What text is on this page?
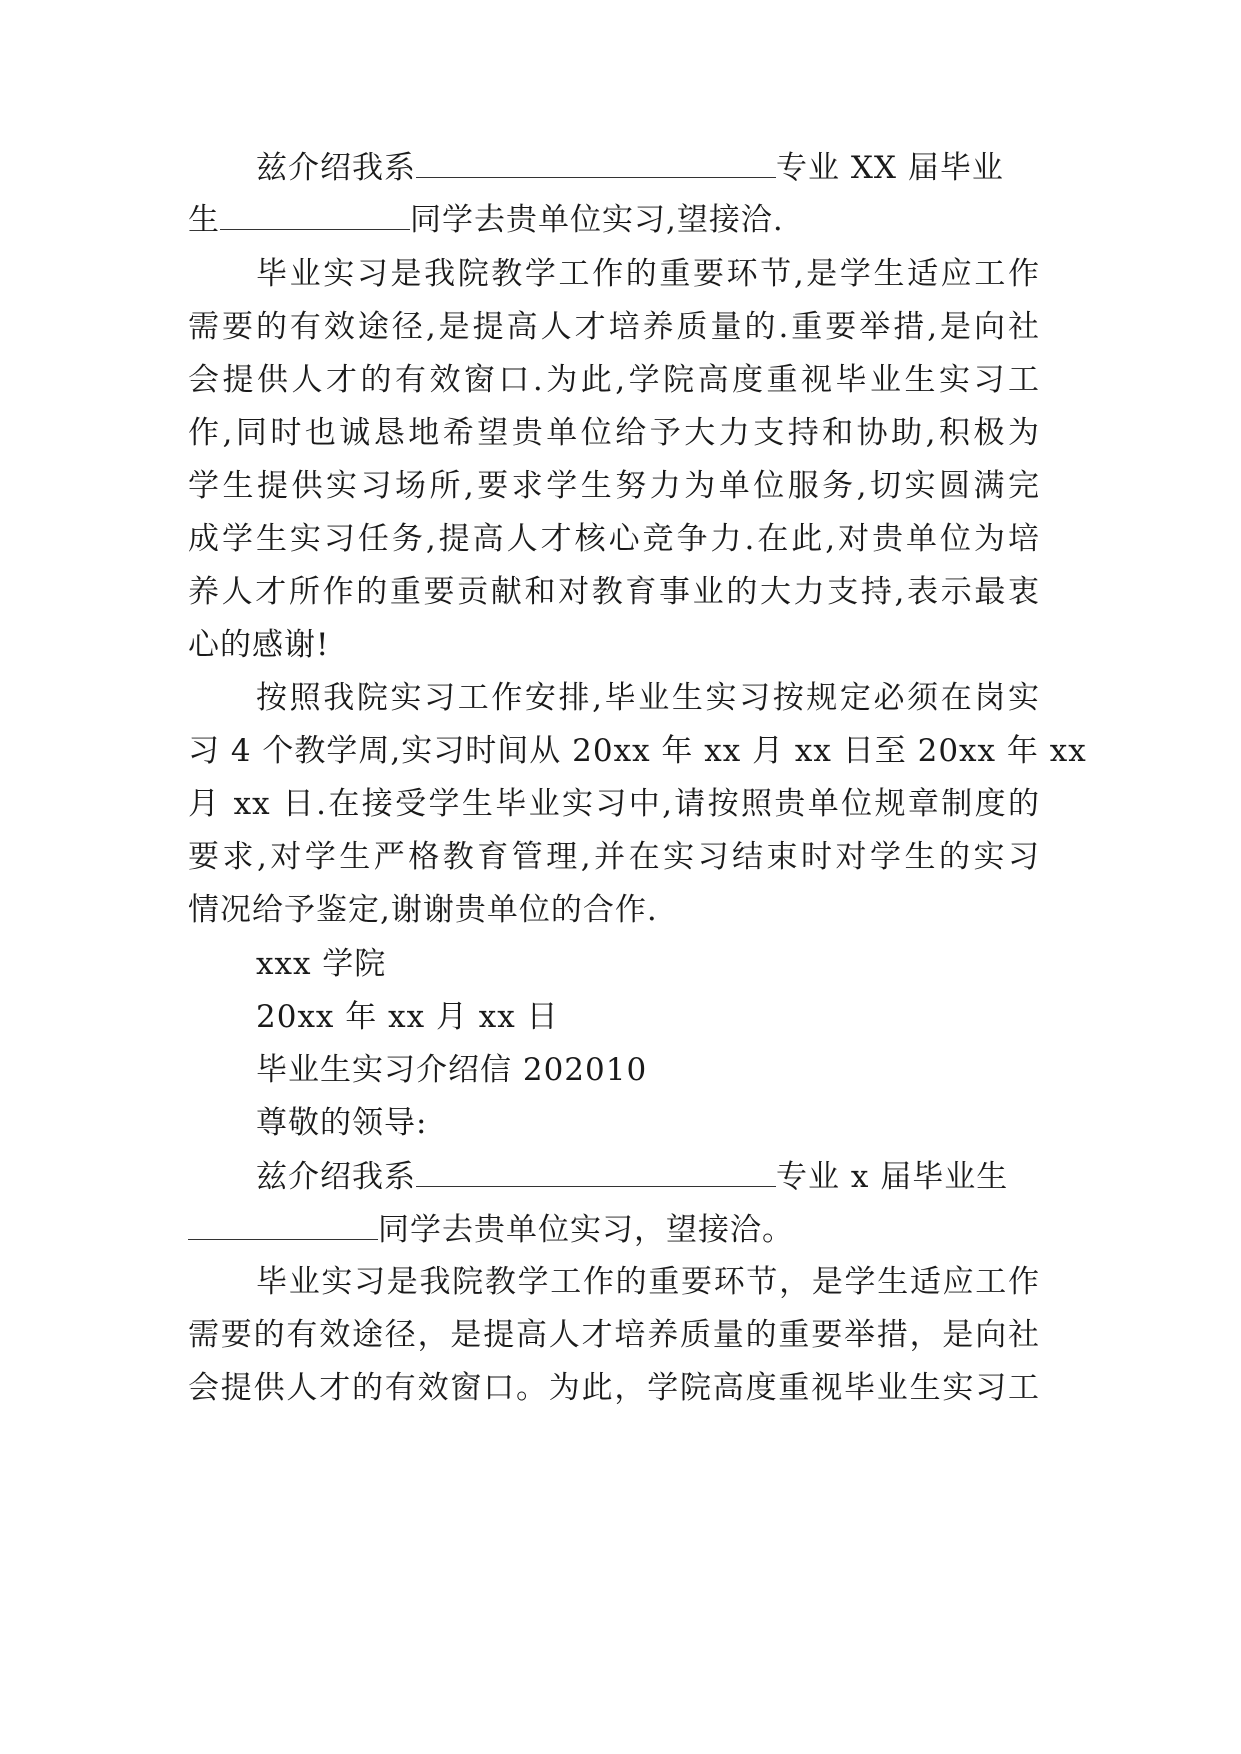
兹介绍我系	专业 XX 届毕业
生	同学去贵单位实习,望接洽.
毕业实习是我院教学工作的重要环节,是学生适应工作
需要的有效途径,是提高人才培养质量的.重要举措,是向社
会提供人才的有效窗口.为此,学院高度重视毕业生实习工
作,同时也诚恳地希望贵单位给予大力支持和协助,积极为
学生提供实习场所,要求学生努力为单位服务,切实圆满完
成学生实习任务,提高人才核心竞争力.在此,对贵单位为培
养人才所作的重要贡献和对教育事业的大力支持,表示最衷
心的感谢!
按照我院实习工作安排,毕业生实习按规定必须在岗实
习 4 个教学周,实习时间从 20xx 年 xx 月 xx 日至 20xx 年 xx
月 xx 日.在接受学生毕业实习中,请按照贵单位规章制度的
要求,对学生严格教育管理,并在实习结束时对学生的实习
情况给予鉴定,谢谢贵单位的合作.
xxx 学院
20xx 年 xx 月 xx 日
毕业生实习介绍信 202010
尊敬的领导:
兹介绍我系	专业 x 届毕业生
同学去贵单位实习，望接洽。
毕业实习是我院教学工作的重要环节，是学生适应工作
需要的有效途径，是提高人才培养质量的重要举措，是向社
会提供人才的有效窗口。为此，学院高度重视毕业生实习工
